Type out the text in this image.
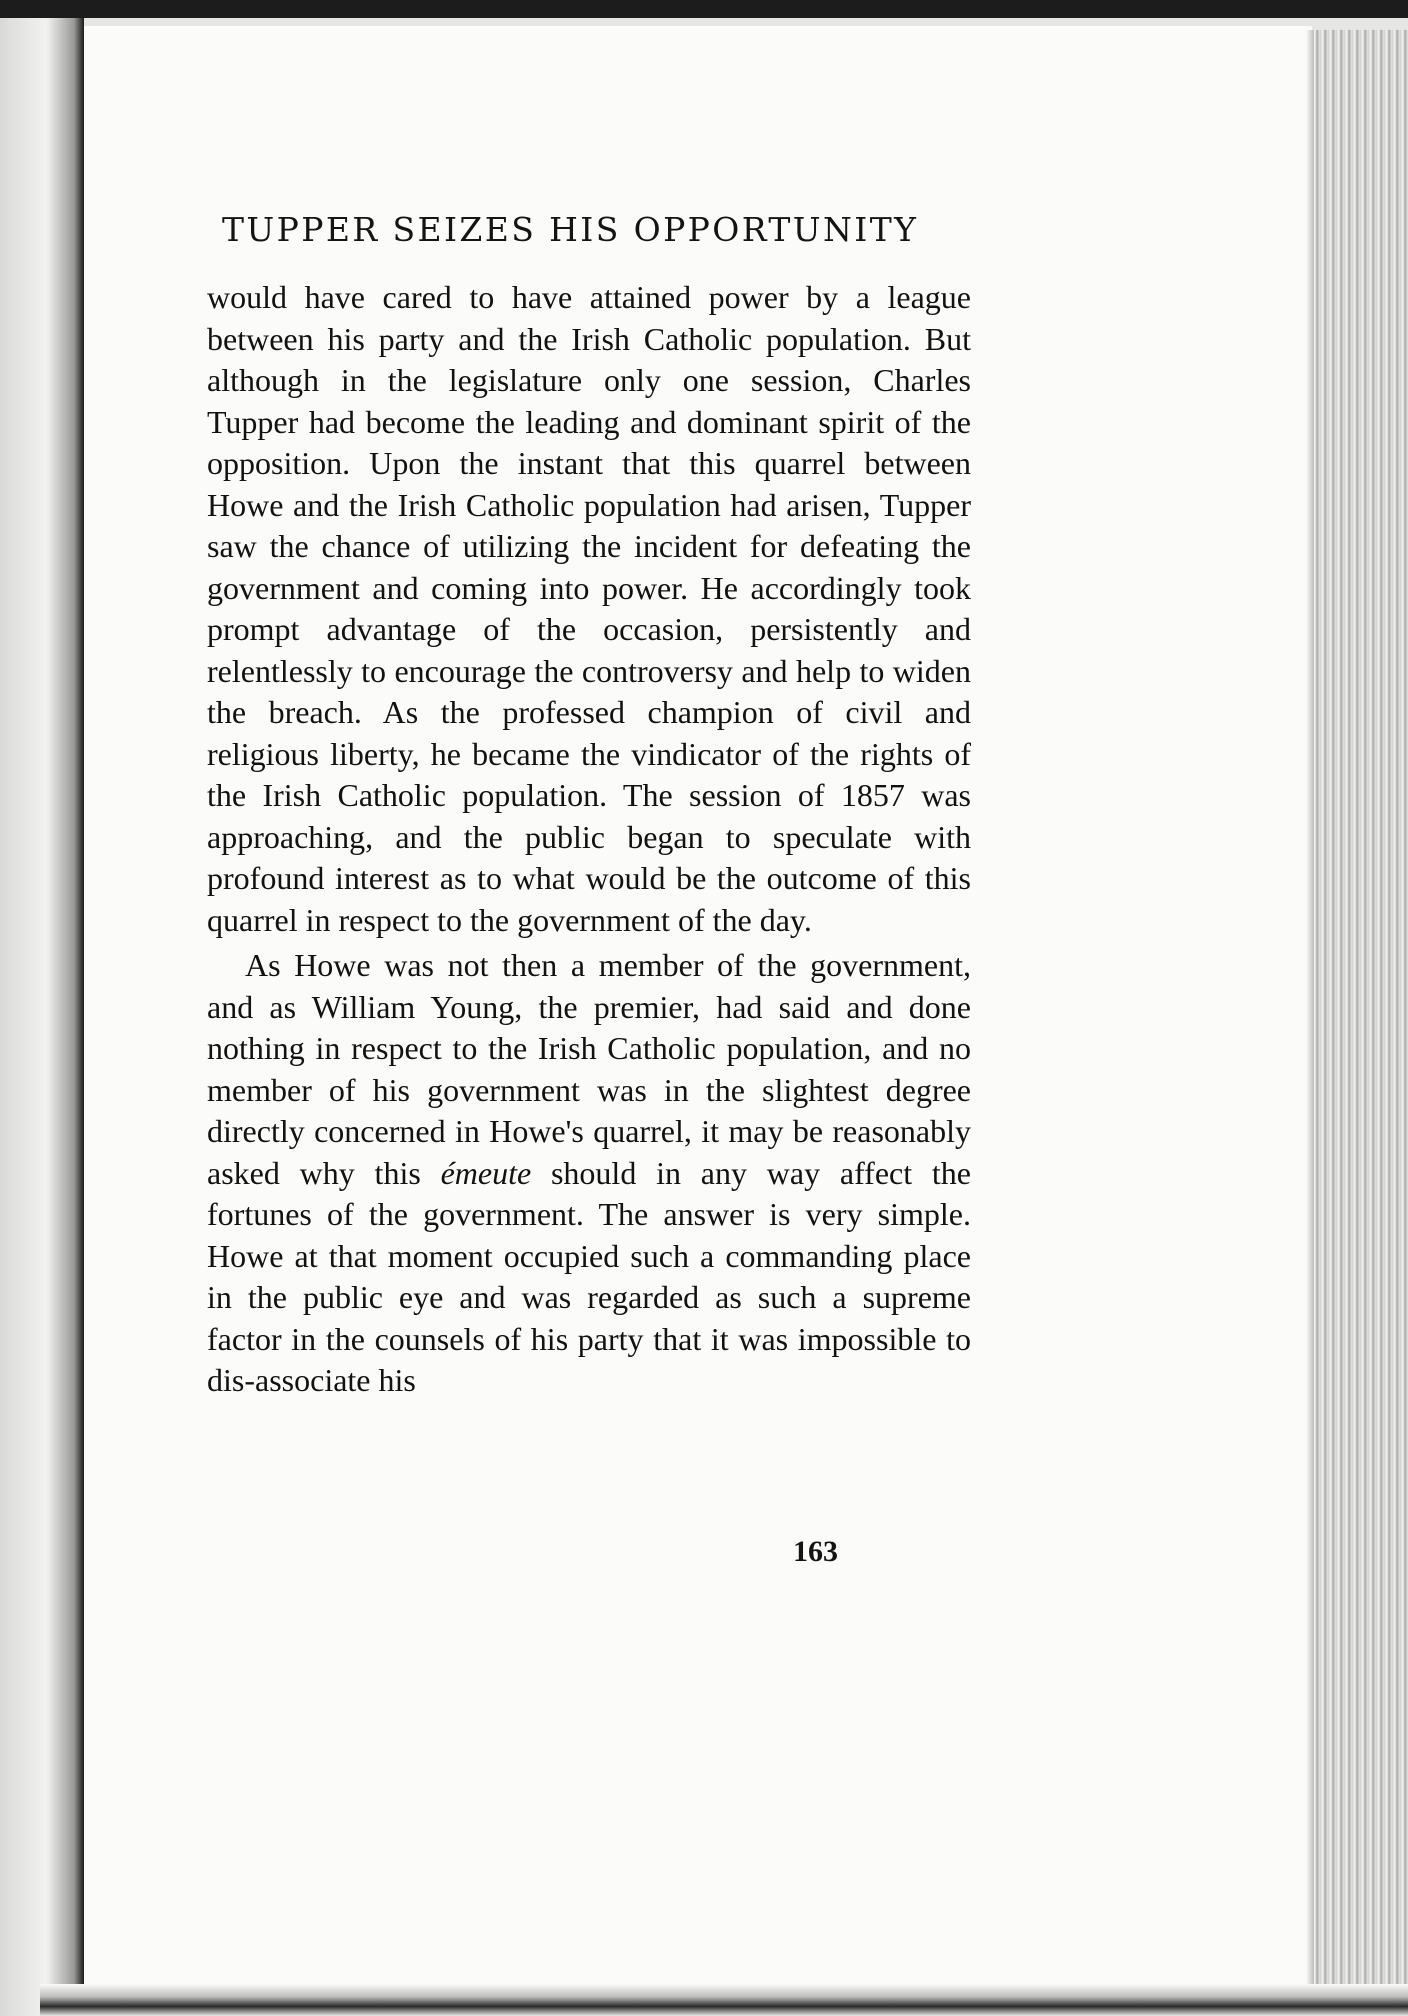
TUPPER SEIZES HIS OPPORTUNITY

would have cared to have attained power by a league between his party and the Irish Catholic population. But although in the legislature only one session, Charles Tupper had become the leading and dominant spirit of the opposition. Upon the instant that this quarrel between Howe and the Irish Catholic population had arisen, Tupper saw the chance of utilizing the incident for defeating the government and coming into power. He accordingly took prompt advantage of the occasion, persistently and relentlessly to encourage the controversy and help to widen the breach. As the professed champion of civil and religious liberty, he became the vindicator of the rights of the Irish Catholic population. The session of 1857 was approaching, and the public began to speculate with profound interest as to what would be the outcome of this quarrel in respect to the government of the day.

As Howe was not then a member of the government, and as William Young, the premier, had said and done nothing in respect to the Irish Catholic population, and no member of his government was in the slightest degree directly concerned in Howe's quarrel, it may be reasonably asked why this émeute should in any way affect the fortunes of the government. The answer is very simple. Howe at that moment occupied such a commanding place in the public eye and was regarded as such a supreme factor in the counsels of his party that it was impossible to dis-associate his

163
